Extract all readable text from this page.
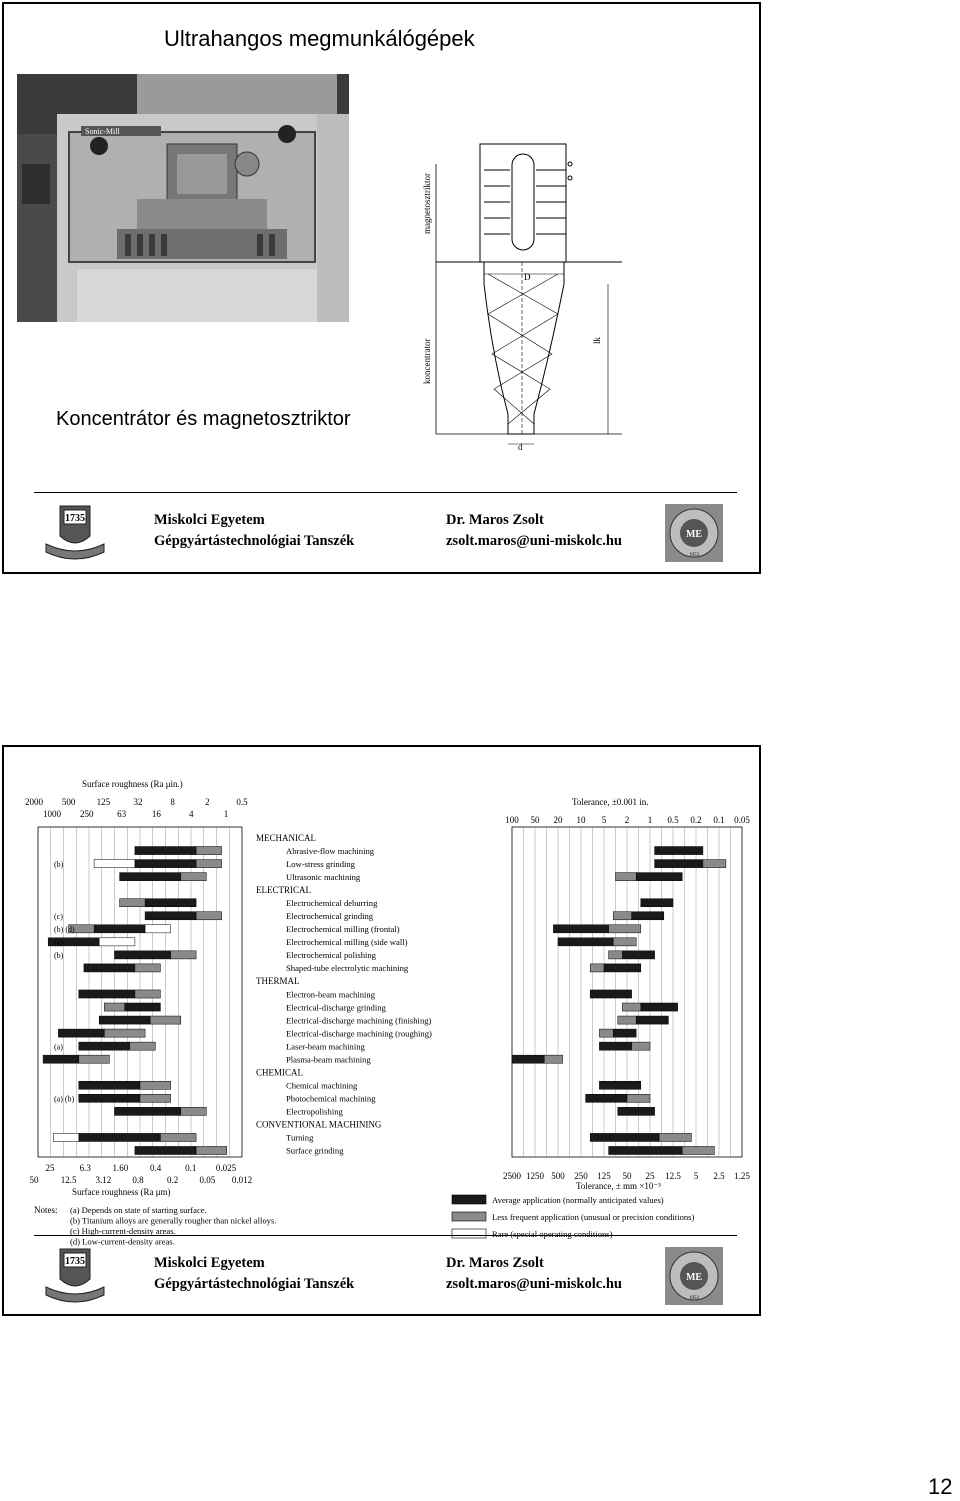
Ultrahangos megmunkálógépek
Sonic-Mill
Koncentrátor és magnetosztriktor
D
d
lk
magnetosztriktor
koncentrator
1735	Miskolci Egyetem
Gépgyártástechnológiai Tanszék
Dr. Maros Zsolt
zsolt.maros@uni-miskolc.hu	ME
1953
Surface roughness (Ra μin.)
Tolerance, ±0.001 in.
Surface roughness (Ra μm)
Tolerance, ± mm ×10⁻³
Notes:
2000 500 125	32	8	2	0.5
1000 250	63	16	4	1
25	6.3 1.60 0.4	0.1 0.025
50 12.5 3.12 0.8	0.2 0.05 0.012
100 50 20 10 5 2 1 0.5 0.2 0.1 0.05
2500 1250 500 250 125 50 25 12.5 5 2.5 1.25
MECHANICAL
Abrasive-flow machining
Low-stress grinding
Ultrasonic machining
(b)
ELECTRICAL
Electrochemical deburring
Electrochemical grinding
Electrochemical milling (frontal)
(c)
Electrochemical milling (side wall)
(b) (d)
Electrochemical polishing
(a)
Shaped-tube electrolytic machining
(b)
THERMAL
Electron-beam machining
Electrical-discharge grinding
Electrical-discharge machining (finishing)
Electrical-discharge machining (roughing)
Laser-beam machining
Plasma-beam machining
(a)
CHEMICAL
Chemical machining
Photochemical machining
Electropolishing
(a) (b)
CONVENTIONAL MACHINING
Turning
Surface grinding
Average application (normally anticipated values)
Less frequent application (unusual or precision conditions)
Rare (special operating conditions)
(a) Depends on state of starting surface.
(b) Titanium alloys are generally rougher than nickel alloys.
(c) High-current-density areas.
(d) Low-current-density areas.
1735	Miskolci Egyetem
Gépgyártástechnológiai Tanszék
Dr. Maros Zsolt
zsolt.maros@uni-miskolc.hu	ME
1953
12
